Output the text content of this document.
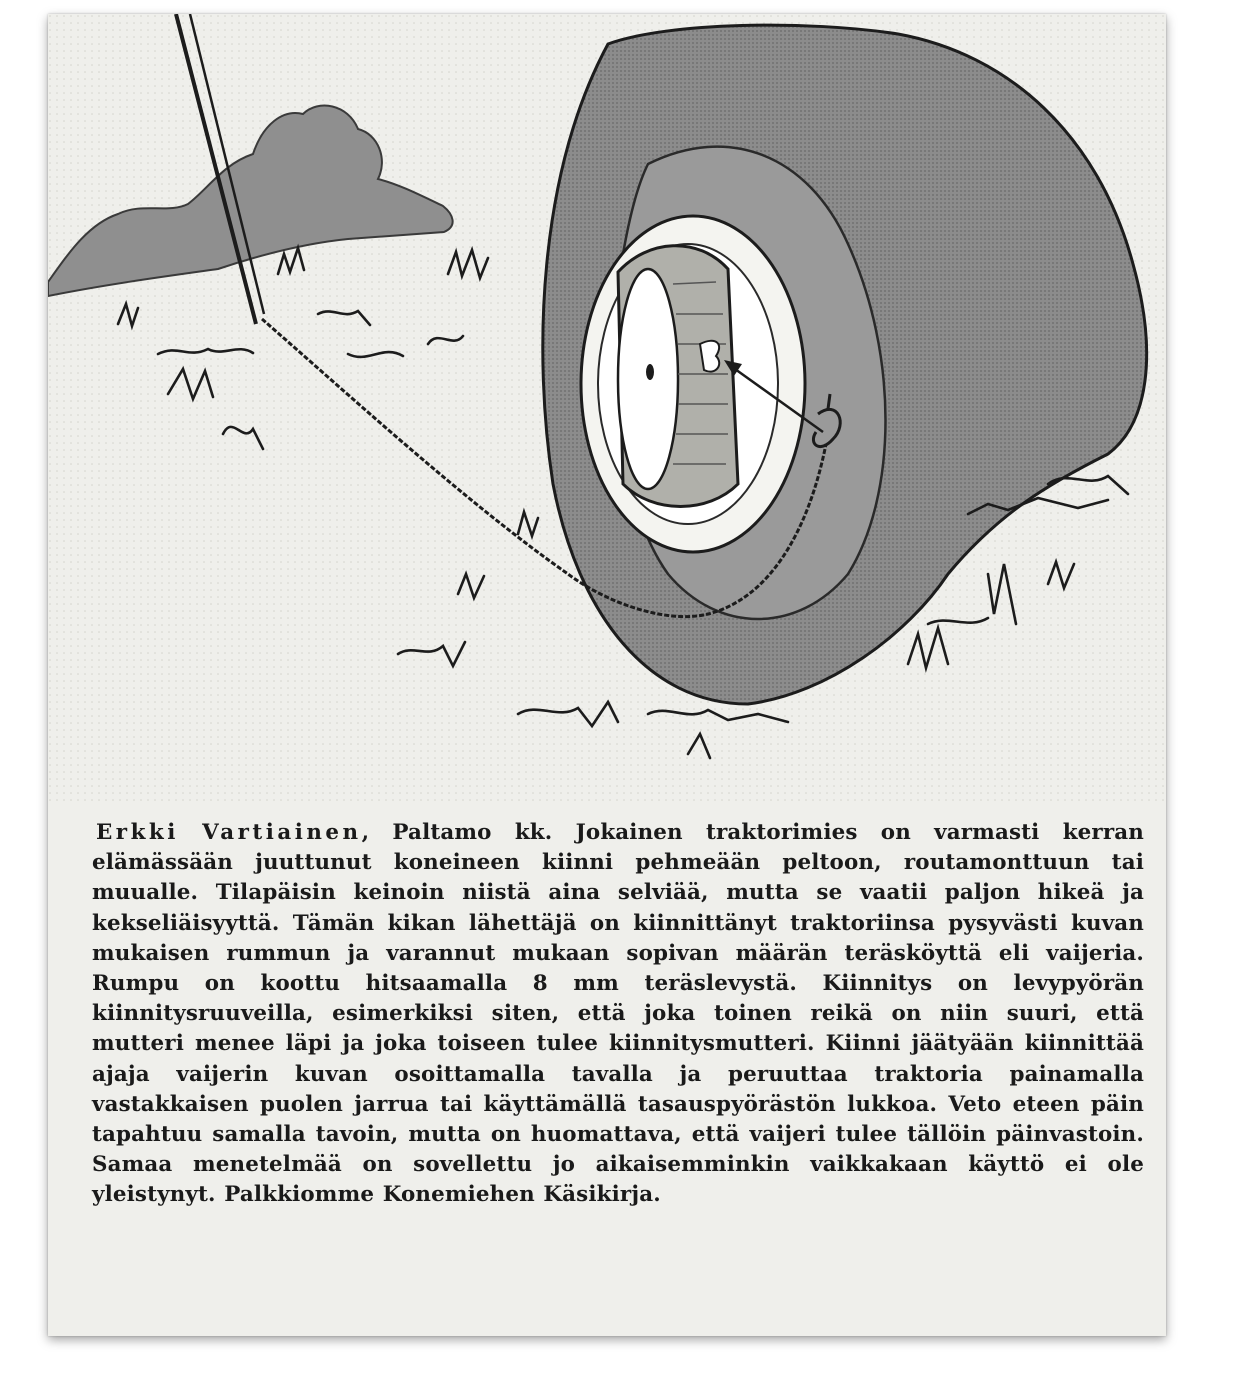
Erkki Vartiainen, Paltamo kk. Jokainen traktorimies on varmasti kerran elämässään juuttunut koneineen kiinni pehmeään peltoon, routamonttuun tai muualle. Tilapäisin keinoin niistä aina selviää, mutta se vaatii paljon hikeä ja kekseliäisyyttä. Tämän kikan lähettäjä on kiinnittänyt traktoriinsa pysyvästi kuvan mukaisen rummun ja varannut mukaan sopivan määrän teräsköyttä eli vaijeria. Rumpu on koottu hitsaamalla 8 mm teräslevystä. Kiinnitys on levypyörän kiinnitysruuveilla, esimerkiksi siten, että joka toinen reikä on niin suuri, että mutteri menee läpi ja joka toiseen tulee kiinnitysmutteri. Kiinni jäätyään kiinnittää ajaja vaijerin kuvan osoittamalla tavalla ja peruuttaa traktoria painamalla vastakkaisen puolen jarrua tai käyttämällä tasauspyörästön lukkoa. Veto eteen päin tapahtuu samalla tavoin, mutta on huomattava, että vaijeri tulee tällöin päinvastoin. Samaa menetelmää on sovellettu jo aikaisemminkin vaikkakaan käyttö ei ole yleistynyt. Palkkiomme Konemiehen Käsikirja.
